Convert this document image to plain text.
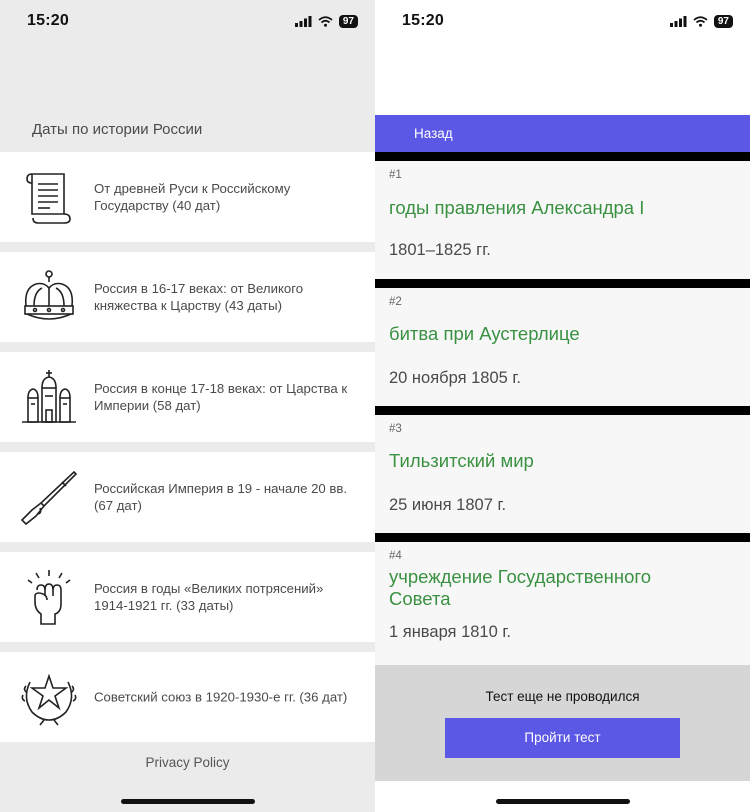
15:20	97
Даты по истории России
От древней Руси к Российскому Государству (40 дат)
Россия в 16-17 веках: от Великого княжества к Царству (43 даты)
Россия в конце 17-18 веках: от Царства к Империи (58 дат)
Российская Империя в 19 - начале 20 вв. (67 дат)
Россия в годы «Великих потрясений» 1914-1921 гг. (33 даты)
Советский союз в 1920-1930-е гг. (36 дат)
Privacy Policy
15:20	97
Назад
#1
годы правления Александра I
1801–1825 гг.
#2
битва при Аустерлице
20 ноября 1805 г.
#3
Тильзитский мир
25 июня 1807 г.
#4
учреждение Государственного Совета
1 января 1810 г.
Тест еще не проводился
Пройти тест
